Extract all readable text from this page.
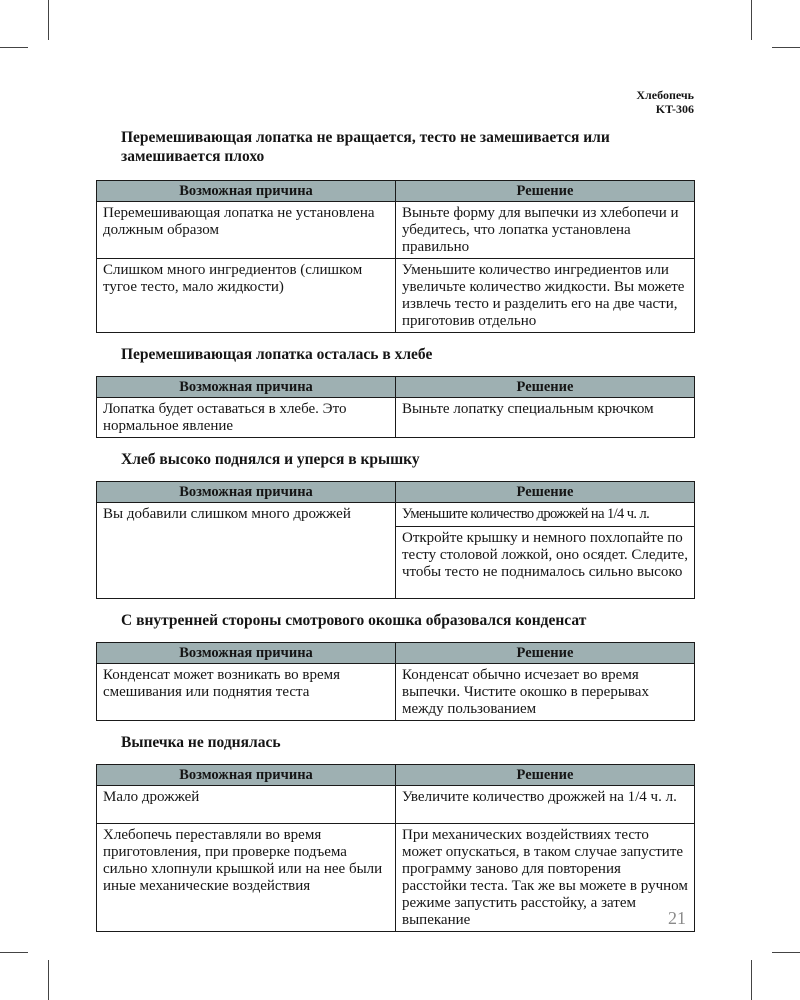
Хлебопечь
KT-306
Перемешивающая лопатка не вращается, тесто не замешивается или замешивается плохо
Возможная причина	Решение
Перемешивающая лопатка не установлена должным образом	Выньте форму для выпечки из хлебопечи и убедитесь, что лопатка установлена правильно
Слишком много ингредиентов (слишком тугое тесто, мало жидкости)	Уменьшите количество ингредиентов или увеличьте количество жидкости. Вы можете извлечь тесто и разделить его на две части, приготовив отдельно
Перемешивающая лопатка осталась в хлебе
Возможная причина	Решение
Лопатка будет оставаться в хлебе. Это нормальное явление	Выньте лопатку специальным крючком
Хлеб высоко поднялся и уперся в крышку
Возможная причина	Решение
Вы добавили слишком много дрожжей	Уменьшите количество дрожжей на 1/4 ч. л.
	Откройте крышку и немного похлопайте по тесту столовой ложкой, оно осядет. Следите, чтобы тесто не поднималось сильно высоко
С внутренней стороны смотрового окошка образовался конденсат
Возможная причина	Решение
Конденсат может возникать во время смешивания или поднятия теста	Конденсат обычно исчезает во время выпечки. Чистите окошко в перерывах между пользованием
Выпечка не поднялась
Возможная причина	Решение
Мало дрожжей	Увеличите количество дрожжей на 1/4 ч. л.
Хлебопечь переставляли во время приготовления, при проверке подъема сильно хлопнули крышкой или на нее были иные механические воздействия	При механических воздействиях тесто может опускаться, в таком случае запустите программу заново для повторения расстойки теста. Так же вы можете в ручном режиме запустить расстойку, а затем выпекание	21
